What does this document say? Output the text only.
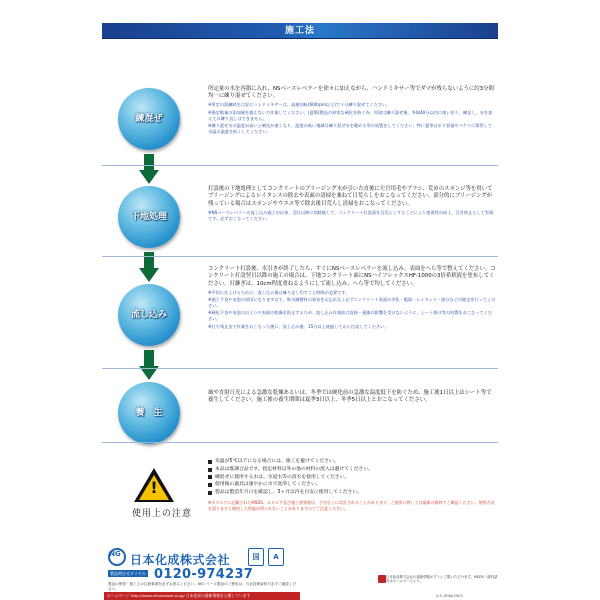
施工法
練混ぜ
下地処理
流し込み
養　生
所定量の水を容器に入れ、NSベースレベラーを徐々に加えながら、ハンドミキサー等でダマが残らないように約3分間均一に練り混ぜてください。
※所定の混練時を目安にハンドミキサーは、高速回転(600rpm以上)で十分練り混ぜてください。
※指定数量の添加量を超えないで作業してください。(夏場)製品の異常な硬化を防ぐ為、用途は練り混ぜ後、冬場40分以内に使い切り、練足し、水を加えての練り直しはできません。
※練り混ぜ水の温度が高いと硬化が速くなり、温度の低い地域は練り混ぜ水を暖める等の処置をしてください。特に夏季はポリ容器やバケツに保管して水温の温度を低くしてください。
打設後の下地処理としてコンクリートのブリージング水が引いた直後に左官用毛やブラシ、荒めのスポンジ等を用いてブリージングによるレイタンスの除去や表面の清掃を兼ねて目荒らしをおこなってください。部分的にブリージングが残っている場合はスポンジやウエス等で除去後目荒らし清掃をおこなってください。
※NSベースレベラーの流し込み施工が出来、翌日以降に削除後して、コンクリート打設面を目荒らしすることにより密着性の向上、浮き防止として有効です。必ずおこなってください。
コンクリート打設後、水引きが終了したら、すぐにNSベースレベラーを流し込み、表面をへら等で整えてください。コンクリート打設翌日以降の施工の場合は、下地コンクリート面にNSハイフレックスHF-1000の3倍希釈液を塗布してください。打継ぎは、10cm程度重ねるようにして流し込み、へら等で均してください。
※平坦に仕上げるために、流し込み後は練り足し均すこと時間が必要です。
※施工不良や気泡の原因になりますので、吸水調整材の塗布をお忘れなく必ずコンクリート表面の劣化・脆弱・レイタンス・油分などの除去を行ってください。
※硬化不良や気泡の自上りや表面の乾燥を防止するため、流し込み作業前は直接・通風の影響を受けないように、シート掛け等の処置をおこなってください。
※打ち残止まで作業をおこなった後に、流し込み後、15分以上経過してから打設してください。
風や直射日光による急激な乾燥あるいは、冬季では硬化前の急激な温度低下を防ぐため、施工後1日以上はシート等で養生してください。施工後の養生期間は夏季3日以上、冬季5日以上とおこなってください。
!
使用上の注意
気温が5℃以下になる場合には、施工を避けてください。
本品は既調合品です。指定材料以外の他の材料の混入は避けてください。
練混ぜに使用する水は、水道水等の清水を使用してください。
使用後の器具は速やかに水で洗浄してください。
製品は製造年月日を確認し、3ヶ月以内を目安に使用してください。
※カタログに記載されたMSDS、カタログ及び施工要領書は、予告なくに改訂されることがあります。ご使用に際しては最新の資料でご確認ください。使用方法を誤りますと期待した性能が得られないことがありますのでご注意ください。
NG 日本化成株式会社	国	A
製品問合せダイヤル 0120-974237
製品の保管・施工上の注意事項を必ずお読みください。NSシリーズ製品のご使用は、当社技術資料で必ずご確認ください。
ホームページ http://www.nihonkasei.co.jp/ 日本化成の最新情報を公開しています
日本化成株式会社の最新情報がすぐにご覧いただけます。MSDS・資料請求はホームページより。
5.4-1R46/2003
